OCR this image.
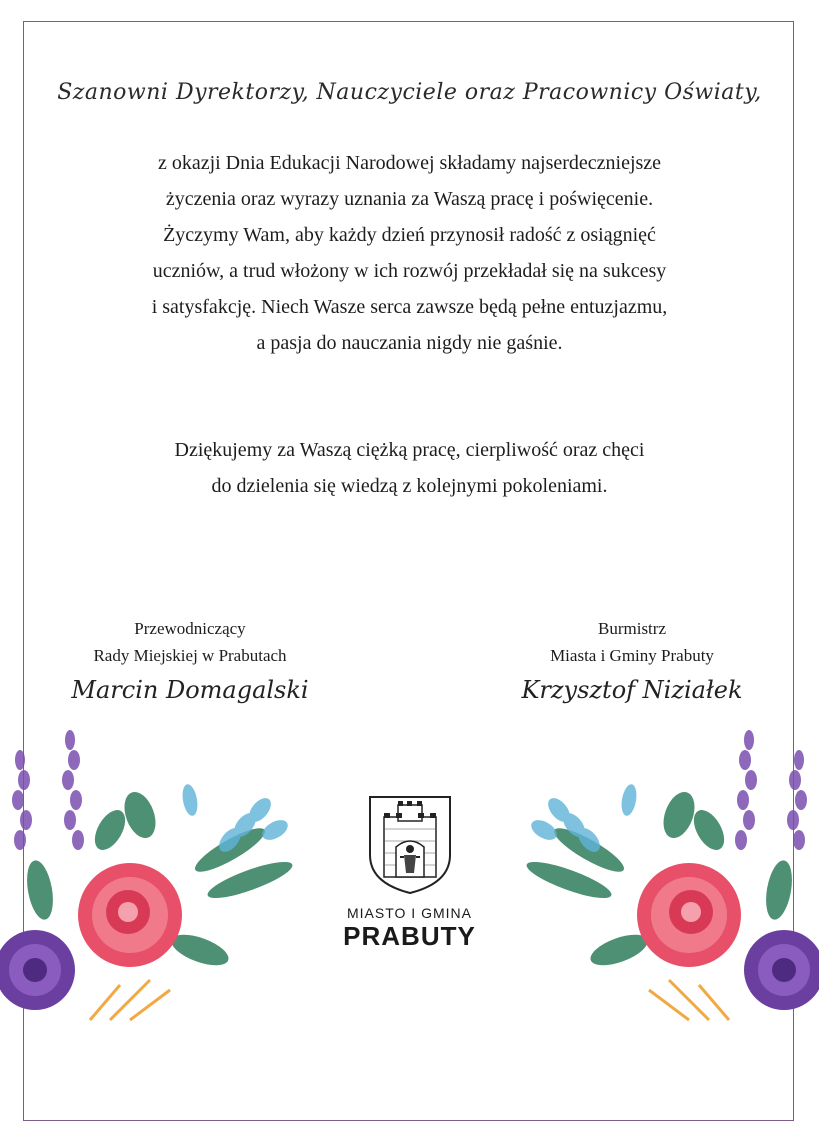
Szanowni Dyrektorzy, Nauczyciele oraz Pracownicy Oświaty,
z okazji Dnia Edukacji Narodowej składamy najserdeczniejsze
życzenia oraz wyrazy uznania za Waszą pracę i poświęcenie.
Życzymy Wam, aby każdy dzień przynosił radość z osiągnięć
uczniów, a trud włożony w ich rozwój przekładał się na sukcesy
i satysfakcję. Niech Wasze serca zawsze będą pełne entuzjazmu,
a pasja do nauczania nigdy nie gaśnie.
Dziękujemy za Waszą ciężką pracę, cierpliwość oraz chęci
do dzielenia się wiedzą z kolejnymi pokoleniami.
Przewodniczący
Rady Miejskiej w Prabutach
Marcin Domagalski
Burmistrz
Miasta i Gminy Prabuty
Krzysztof Niziałek
MIASTO I GMINA
PRABUTY
